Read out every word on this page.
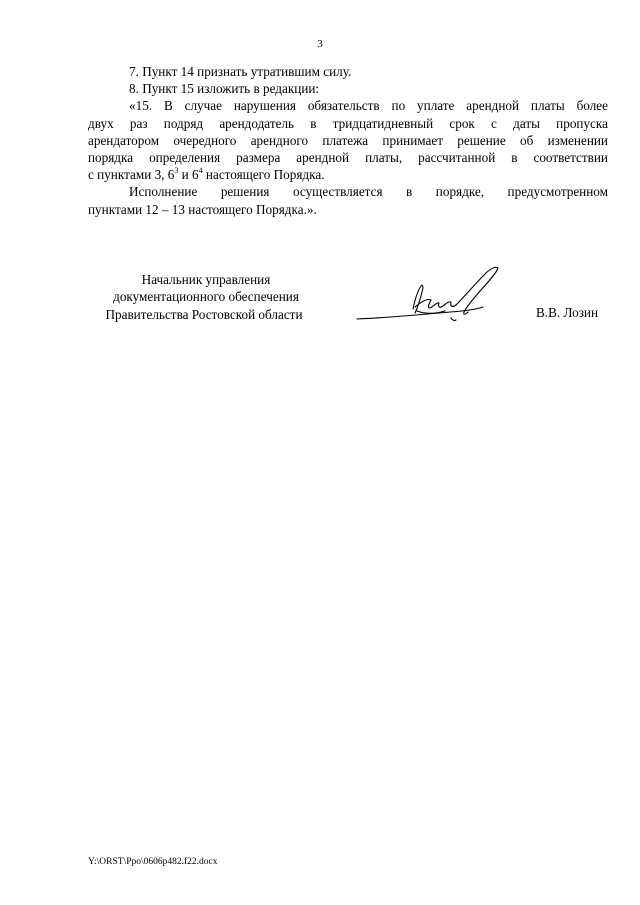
3

7. Пункт 14 признать утратившим силу.

8. Пункт 15 изложить в редакции:

«15. В случае нарушения обязательств по уплате арендной платы более

двух раз подряд арендодатель в тридцатидневный срок с даты пропуска

арендатором очередного арендного платежа принимает решение об изменении

порядка определения размера арендной платы, рассчитанной в соответствии

с пунктами 3, $6^3$ и $6^4$ настоящего Порядка.

Исполнение решения осуществляется в порядке, предусмотренном

пунктами 12 – 13 настоящего Порядка.».

Начальник управления
документационного обеспечения
Правительства Ростовской области	В.В. Лозин
Y:\ORST\Ppo\0606p482.f22.docx
